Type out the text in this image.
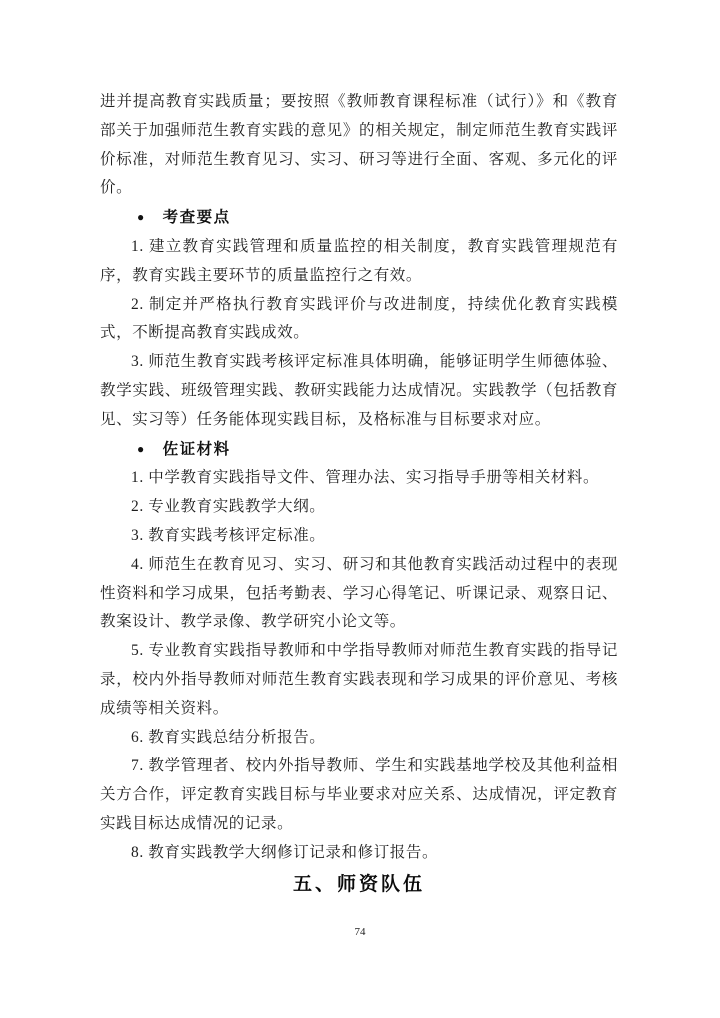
进并提高教育实践质量；要按照《教师教育课程标准（试行）》和《教育部关于加强师范生教育实践的意见》的相关规定，制定师范生教育实践评价标准，对师范生教育见习、实习、研习等进行全面、客观、多元化的评价。

● 考查要点

1. 建立教育实践管理和质量监控的相关制度，教育实践管理规范有序，教育实践主要环节的质量监控行之有效。

2. 制定并严格执行教育实践评价与改进制度，持续优化教育实践模式，不断提高教育实践成效。

3. 师范生教育实践考核评定标准具体明确，能够证明学生师德体验、教学实践、班级管理实践、教研实践能力达成情况。实践教学（包括教育见、实习等）任务能体现实践目标，及格标准与目标要求对应。

● 佐证材料

1. 中学教育实践指导文件、管理办法、实习指导手册等相关材料。

2. 专业教育实践教学大纲。

3. 教育实践考核评定标准。

4. 师范生在教育见习、实习、研习和其他教育实践活动过程中的表现性资料和学习成果，包括考勤表、学习心得笔记、听课记录、观察日记、教案设计、教学录像、教学研究小论文等。

5. 专业教育实践指导教师和中学指导教师对师范生教育实践的指导记录，校内外指导教师对师范生教育实践表现和学习成果的评价意见、考核成绩等相关资料。

6. 教育实践总结分析报告。

7. 教学管理者、校内外指导教师、学生和实践基地学校及其他利益相关方合作，评定教育实践目标与毕业要求对应关系、达成情况，评定教育实践目标达成情况的记录。

8. 教育实践教学大纲修订记录和修订报告。

五、师资队伍
74
